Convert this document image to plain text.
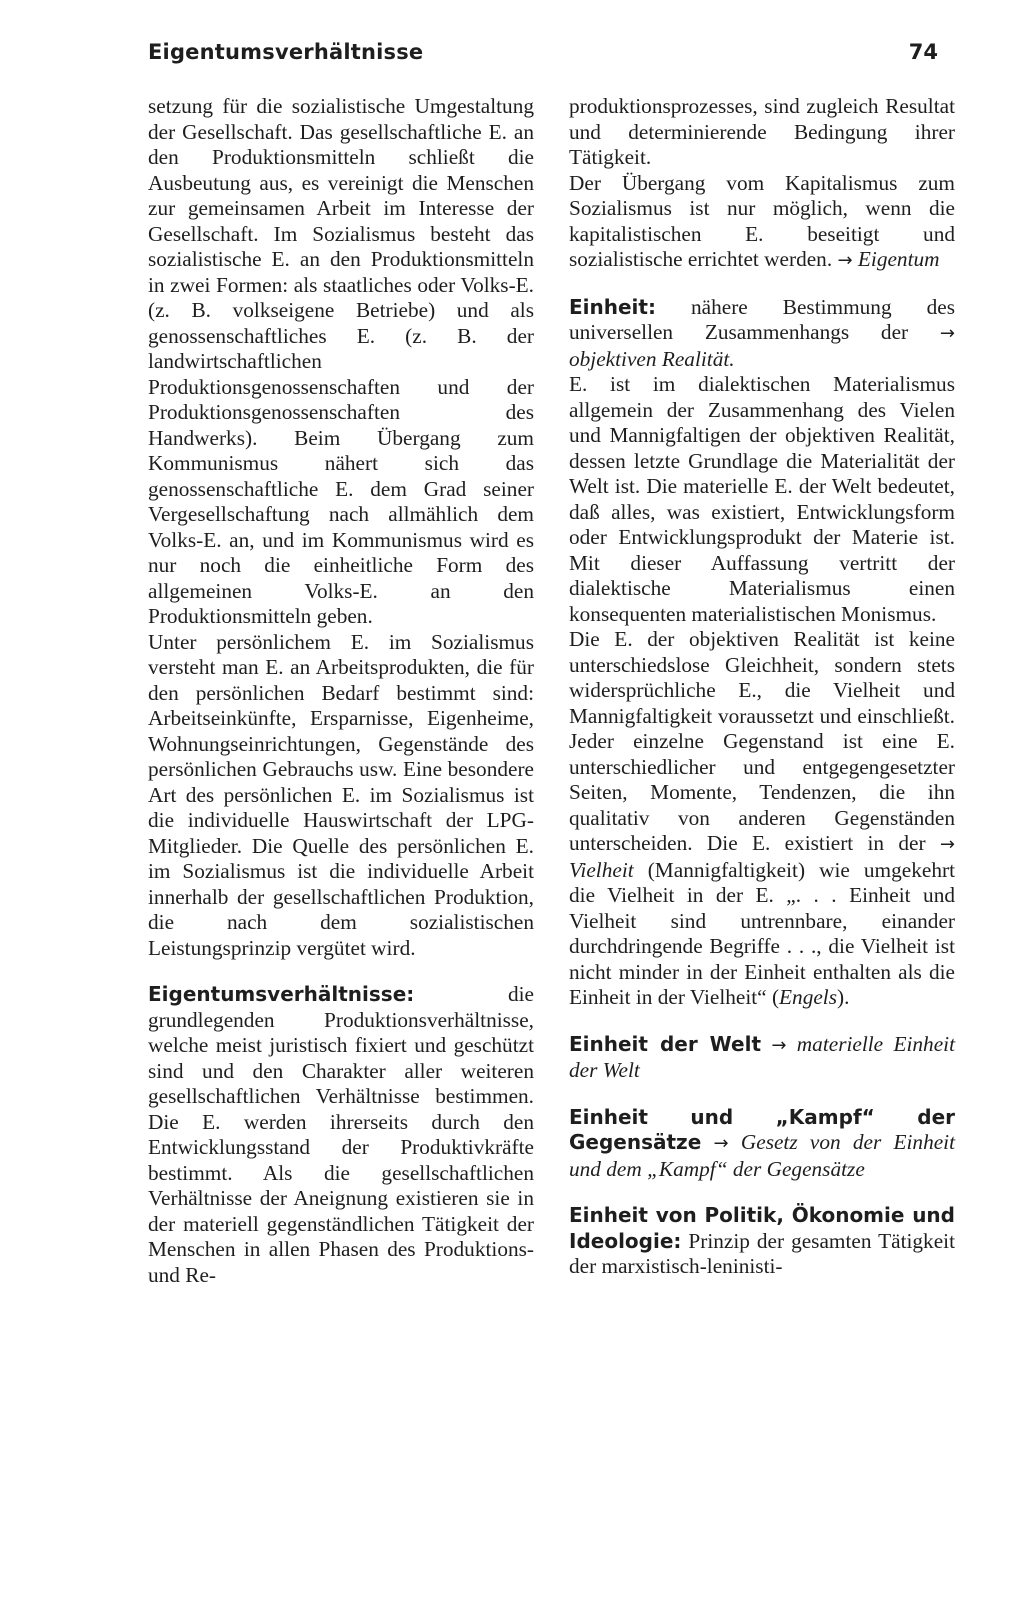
Eigentumsverhältnisse	74

setzung für die sozialistische Umgestaltung der Gesellschaft. Das gesellschaftliche E. an den Produktionsmitteln schließt die Ausbeutung aus, es vereinigt die Menschen zur gemeinsamen Arbeit im Interesse der Gesellschaft. Im Sozialismus besteht das sozialistische E. an den Produktionsmitteln in zwei Formen: als staatliches oder Volks-E. (z. B. volkseigene Betriebe) und als genossenschaftliches E. (z. B. der landwirtschaftlichen Produktionsgenossenschaften und der Produktionsgenossenschaften des Handwerks). Beim Übergang zum Kommunismus nähert sich das genossenschaftliche E. dem Grad seiner Vergesellschaftung nach allmählich dem Volks-E. an, und im Kommunismus wird es nur noch die einheitliche Form des allgemeinen Volks-E. an den Produktionsmitteln geben.

Unter persönlichem E. im Sozialismus versteht man E. an Arbeitsprodukten, die für den persönlichen Bedarf bestimmt sind: Arbeitseinkünfte, Ersparnisse, Eigenheime, Wohnungseinrichtungen, Gegenstände des persönlichen Gebrauchs usw. Eine besondere Art des persönlichen E. im Sozialismus ist die individuelle Hauswirtschaft der LPG-Mitglieder. Die Quelle des persönlichen E. im Sozialismus ist die individuelle Arbeit innerhalb der gesellschaftlichen Produktion, die nach dem sozialistischen Leistungsprinzip vergütet wird.

Eigentumsverhältnisse: die grundlegenden Produktionsverhältnisse, welche meist juristisch fixiert und geschützt sind und den Charakter aller weiteren gesellschaftlichen Verhältnisse bestimmen. Die E. werden ihrerseits durch den Entwicklungsstand der Produktivkräfte bestimmt. Als die gesellschaftlichen Verhältnisse der Aneignung existieren sie in der materiell gegenständlichen Tätigkeit der Menschen in allen Phasen des Produktions- und Re-

produktionsprozesses, sind zugleich Resultat und determinierende Bedingung ihrer Tätigkeit.

Der Übergang vom Kapitalismus zum Sozialismus ist nur möglich, wenn die kapitalistischen E. beseitigt und sozialistische errichtet werden. → Eigentum

Einheit: nähere Bestimmung des universellen Zusammenhangs der → objektiven Realität.

E. ist im dialektischen Materialismus allgemein der Zusammenhang des Vielen und Mannigfaltigen der objektiven Realität, dessen letzte Grundlage die Materialität der Welt ist. Die materielle E. der Welt bedeutet, daß alles, was existiert, Entwicklungsform oder Entwicklungsprodukt der Materie ist. Mit dieser Auffassung vertritt der dialektische Materialismus einen konsequenten materialistischen Monismus.

Die E. der objektiven Realität ist keine unterschiedslose Gleichheit, sondern stets widersprüchliche E., die Vielheit und Mannigfaltigkeit voraussetzt und einschließt. Jeder einzelne Gegenstand ist eine E. unterschiedlicher und entgegengesetzter Seiten, Momente, Tendenzen, die ihn qualitativ von anderen Gegenständen unterscheiden. Die E. existiert in der → Vielheit (Mannigfaltigkeit) wie umgekehrt die Vielheit in der E. „. . . Einheit und Vielheit sind untrennbare, einander durchdringende Begriffe . . ., die Vielheit ist nicht minder in der Einheit enthalten als die Einheit in der Vielheit“ (Engels).

Einheit der Welt → materielle Einheit der Welt

Einheit und „Kampf“ der Gegensätze → Gesetz von der Einheit und dem „Kampf“ der Gegensätze

Einheit von Politik, Ökonomie und Ideologie: Prinzip der gesamten Tätigkeit der marxistisch-leninisti-
